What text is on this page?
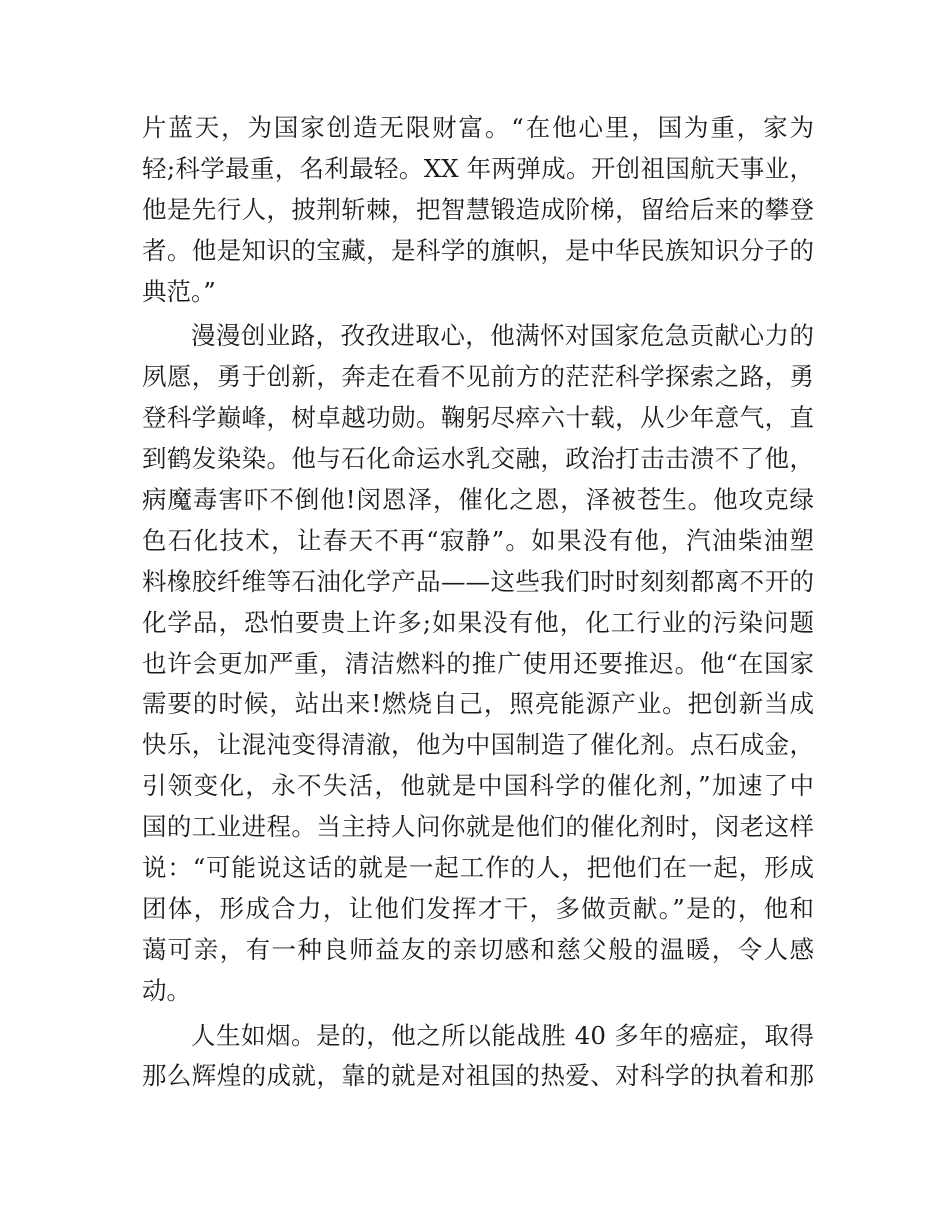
片蓝天，为国家创造无限财富。“在他心里，国为重，家为
轻;科学最重，名利最轻。XX 年两弹成。开创祖国航天事业，
他是先行人，披荆斩棘，把智慧锻造成阶梯，留给后来的攀登
者。他是知识的宝藏，是科学的旗帜，是中华民族知识分子的
典范。”
漫漫创业路，孜孜进取心，他满怀对国家危急贡献心力的
夙愿，勇于创新，奔走在看不见前方的茫茫科学探索之路，勇
登科学巅峰，树卓越功勋。鞠躬尽瘁六十载，从少年意气，直
到鹤发染染。他与石化命运水乳交融，政治打击击溃不了他，
病魔毒害吓不倒他!闵恩泽，催化之恩，泽被苍生。他攻克绿
色石化技术，让春天不再“寂静”。如果没有他，汽油柴油塑
料橡胶纤维等石油化学产品——这些我们时时刻刻都离不开的
化学品，恐怕要贵上许多;如果没有他，化工行业的污染问题
也许会更加严重，清洁燃料的推广使用还要推迟。他“在国家
需要的时候，站出来!燃烧自己，照亮能源产业。把创新当成
快乐，让混沌变得清澈，他为中国制造了催化剂。点石成金，
引领变化，永不失活，他就是中国科学的催化剂，”加速了中
国的工业进程。当主持人问你就是他们的催化剂时，闵老这样
说：“可能说这话的就是一起工作的人，把他们在一起，形成
团体，形成合力，让他们发挥才干，多做贡献。”是的，他和
蔼可亲，有一种良师益友的亲切感和慈父般的温暖，令人感
动。
人生如烟。是的，他之所以能战胜 40 多年的癌症，取得
那么辉煌的成就，靠的就是对祖国的热爱、对科学的执着和那
